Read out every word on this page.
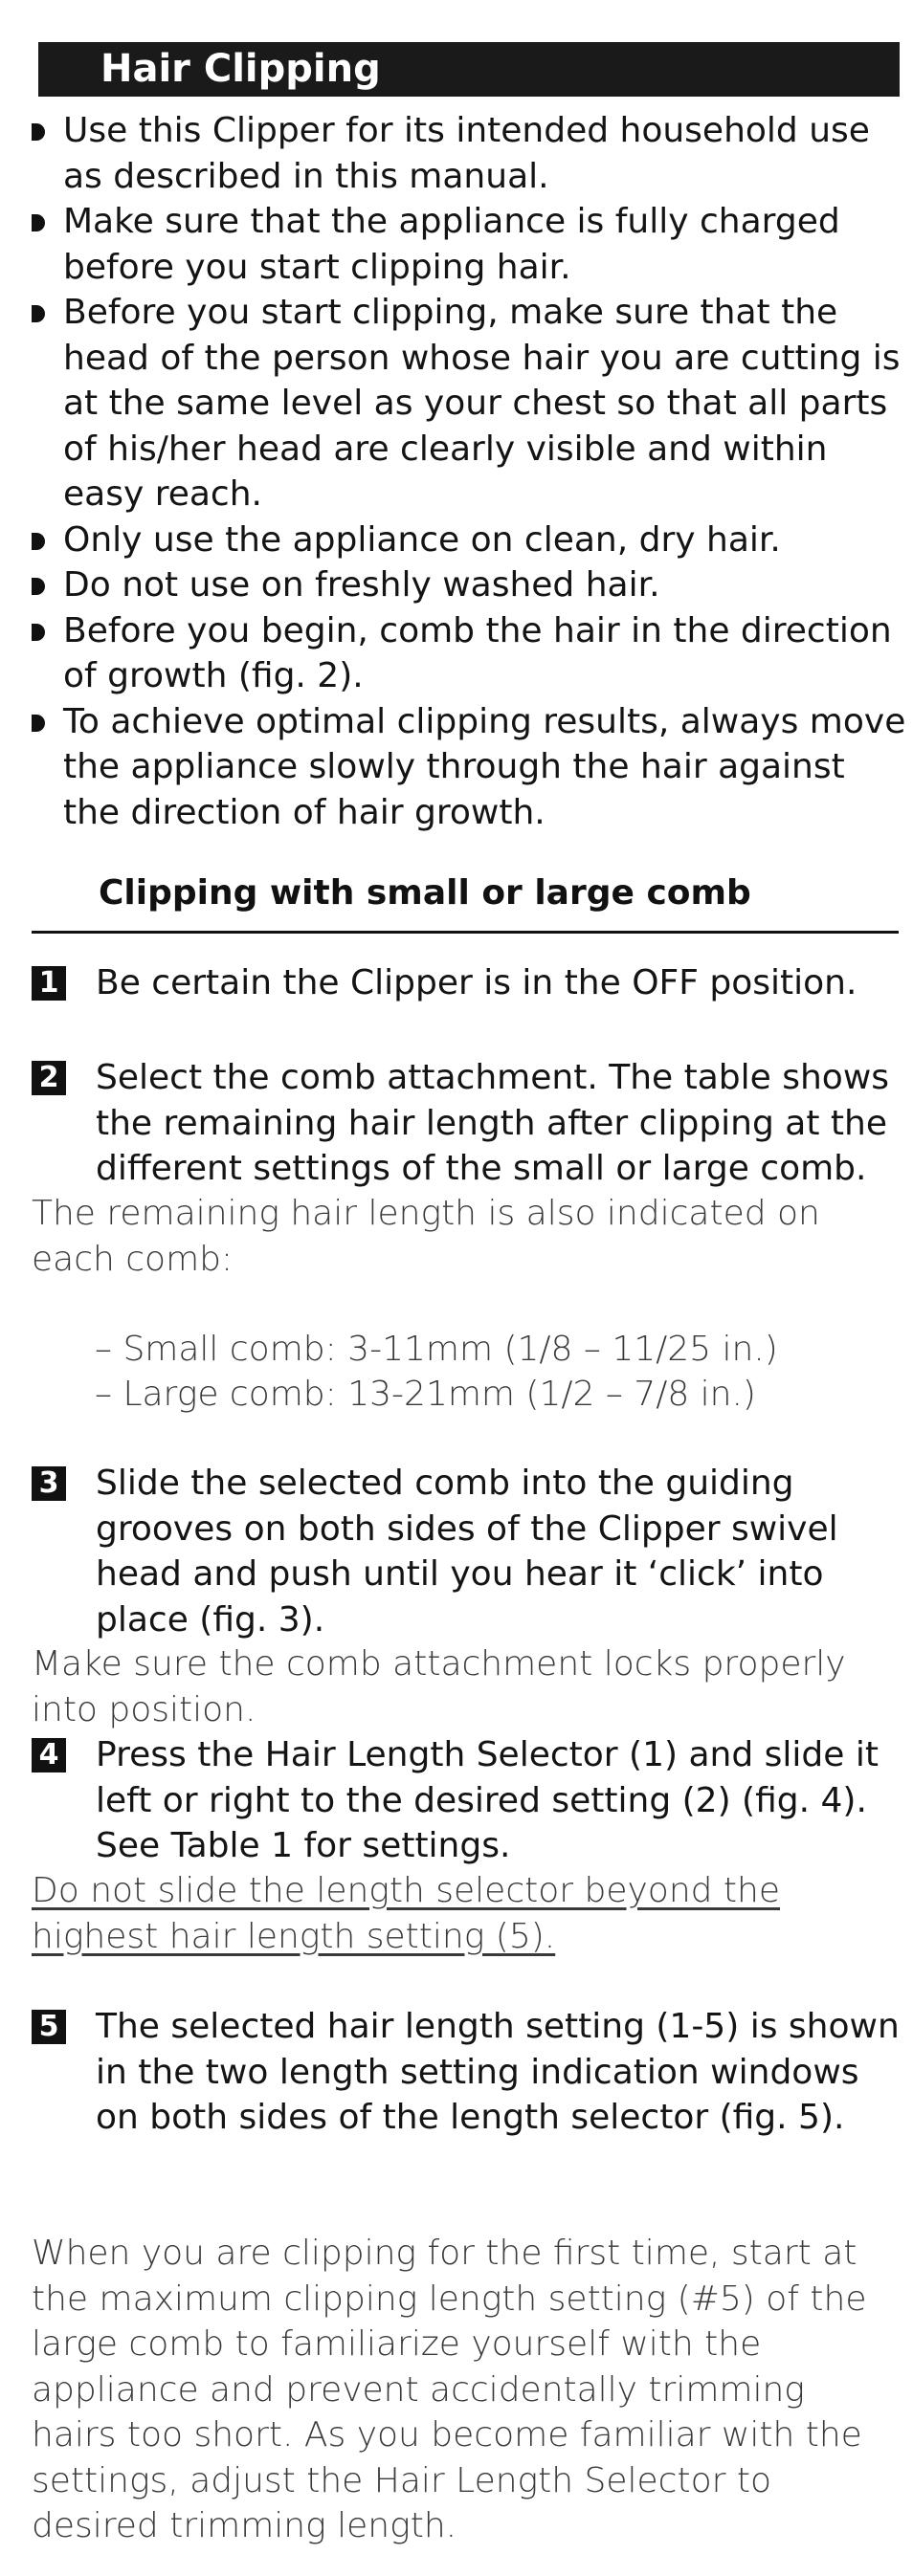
Hair Clipping
Use this Clipper for its intended household use as described in this manual.
Make sure that the appliance is fully charged before you start clipping hair.
Before you start clipping, make sure that the head of the person whose hair you are cutting is at the same level as your chest so that all parts of his/her head are clearly visible and within easy reach.
Only use the appliance on clean, dry hair.
Do not use on freshly washed hair.
Before you begin, comb the hair in the direction of growth (fig. 2).
To achieve optimal clipping results, always move the appliance slowly through the hair against the direction of hair growth.
Clipping with small or large comb
1 Be certain the Clipper is in the OFF position.
2 Select the comb attachment. The table shows the remaining hair length after clipping at the different settings of the small or large comb.
The remaining hair length is also indicated on each comb:
– Small comb: 3-11mm (1/8 – 11/25 in.)
– Large comb: 13-21mm (1/2 – 7/8 in.)
3 Slide the selected comb into the guiding grooves on both sides of the Clipper swivel head and push until you hear it ‘click’ into place (fig. 3).
Make sure the comb attachment locks properly into position.
4 Press the Hair Length Selector (1) and slide it left or right to the desired setting (2) (fig. 4). See Table 1 for settings.
Do not slide the length selector beyond the highest hair length setting (5).
5 The selected hair length setting (1-5) is shown in the two length setting indication windows on both sides of the length selector (fig. 5).
When you are clipping for the first time, start at the maximum clipping length setting (#5) of the large comb to familiarize yourself with the appliance and prevent accidentally trimming hairs too short. As you become familiar with the settings, adjust the Hair Length Selector to desired trimming length.
